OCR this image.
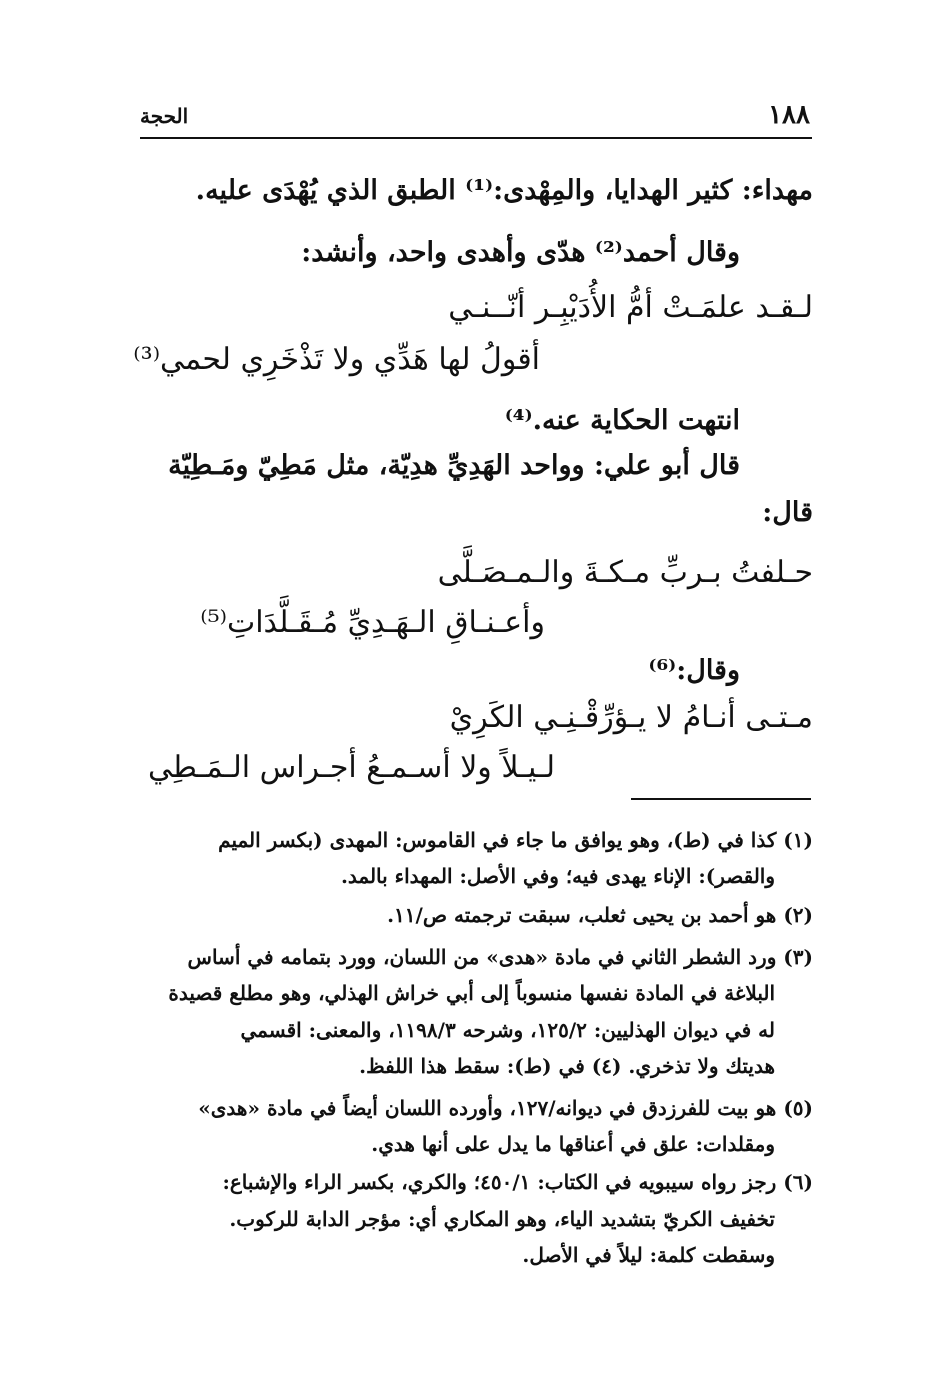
١٨٨
الحجة
مهداء: كثير الهدايا، والمِهْدى:⁽¹⁾ الطبق الذي يُهْدَى عليه.
وقال أحمد⁽²⁾ هدّى وأهدى واحد، وأنشد:
لـقـد علمَـتْ أمُّ الأُدَيْبِـر أنّــنـي
أقولُ لها هَدِّي ولا تَذْخَرِي لحمي⁽³⁾
انتهت الحكاية عنه.⁽⁴⁾
قال أبو علي: وواحد الهَدِيِّ هدِيّة، مثل مَطِيّ ومَـطِيّة
قال:
حـلفتُ بـربِّ مـكـةَ والـمـصَـلَّى
وأعـنـاقِ الـهَـدِيِّ مُـقَـلَّدَاتِ⁽⁵⁾
وقال:⁽⁶⁾
مـتـى أنـامُ لا يـؤرِّقْـنِـي الكَرِيْ
لـيـلاً ولا أسـمـعُ أجـراس الـمَـطِي
(١) كذا في (ط)، وهو يوافق ما جاء في القاموس: المهدى (بكسر الميم
والقصر): الإناء يهدى فيه؛ وفي الأصل: المهداء بالمد.
(٢) هو أحمد بن يحيى ثعلب، سبقت ترجمته ص/١١.
(٣) ورد الشطر الثاني في مادة «هدى» من اللسان، وورد بتمامه في أساس
البلاغة في المادة نفسها منسوباً إلى أبي خراش الهذلي، وهو مطلع قصيدة
له في ديوان الهذليين: ١٢٥/٢، وشرحه ١١٩٨/٣، والمعنى: اقسمي
هديتك ولا تذخري. (٤) في (ط): سقط هذا اللفظ.
(٥) هو بيت للفرزدق في ديوانه/١٢٧، وأورده اللسان أيضاً في مادة «هدى»
ومقلدات: علق في أعناقها ما يدل على أنها هدي.
(٦) رجز رواه سيبويه في الكتاب: ٤٥٠/١؛ والكري، بكسر الراء والإشباع:
تخفيف الكريّ بتشديد الياء، وهو المكاري أي: مؤجر الدابة للركوب.
وسقطت كلمة: ليلاً في الأصل.
